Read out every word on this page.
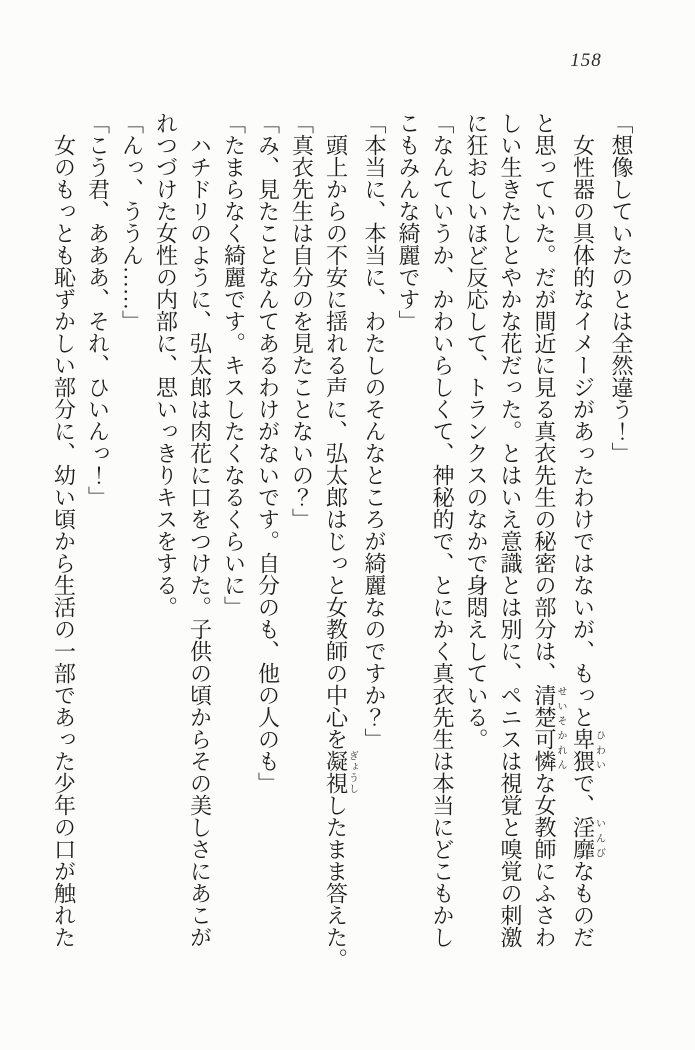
158
「想像していたのとは全然違う！」
女性器の具体的なイメージがあったわけではないが、もっと卑猥ひわいで、淫靡いんびなものだ
と思っていた。だが間近に見る真衣先生の秘密の部分は、清楚せいそ可憐かれんな女教師にふさわ
しい生きたしとやかな花だった。とはいえ意識とは別に、ペニスは視覚と嗅覚の刺激
に狂おしいほど反応して、トランクスのなかで身悶えしている。
「なんていうか、かわいらしくて、神秘的で、とにかく真衣先生は本当にどこもかし
こもみんな綺麗です」
「本当に、本当に、わたしのそんなところが綺麗なのですか？」
頭上からの不安に揺れる声に、弘太郎はじっと女教師の中心を凝視ぎょうししたまま答えた。
「真衣先生は自分のを見たことないの？」
「み、見たことなんてあるわけがないです。自分のも、他の人のも」
「たまらなく綺麗です。キスしたくなるくらいに」
ハチドリのように、弘太郎は肉花に口をつけた。子供の頃からその美しさにあこが
れつづけた女性の内部に、思いっきりキスをする。
「んっ、ううん……」
「こう君、あああ、それ、ひいんっ！」
女のもっとも恥ずかしい部分に、幼い頃から生活の一部であった少年の口が触れた
